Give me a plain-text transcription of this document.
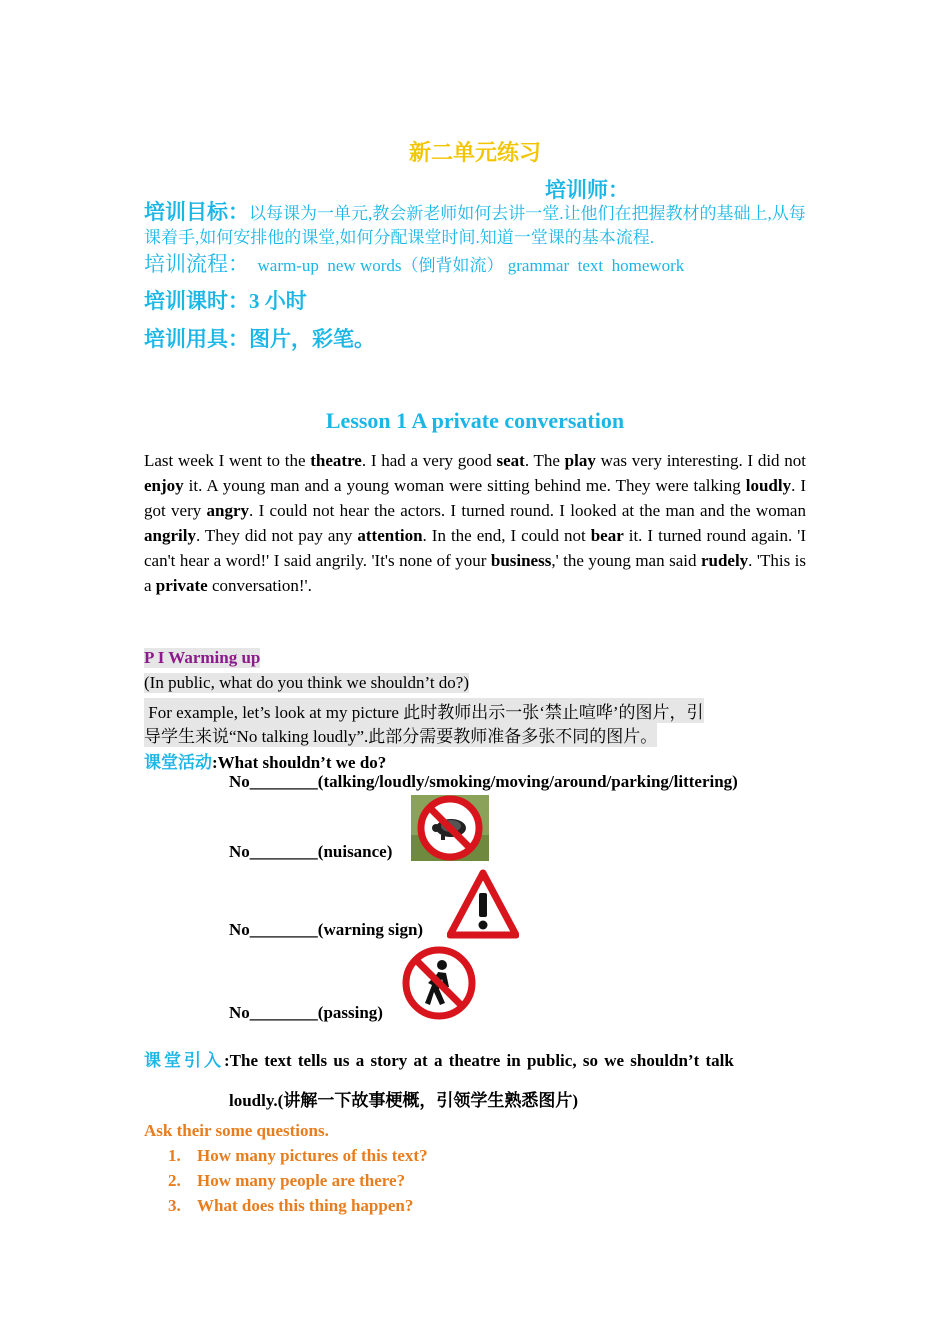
新二单元练习
培训师：
培训目标：以每课为一单元,教会新老师如何去讲一堂.让他们在把握教材的基础上,从每课着手,如何安排他的课堂,如何分配课堂时间.知道一堂课的基本流程.
培训流程：  warm-up  new words（倒背如流） grammar  text  homework
培训课时：3 小时
培训用具：图片，彩笔。
Lesson 1 A private conversation
Last week I went to the theatre. I had a very good seat. The play was very interesting. I did not enjoy it. A young man and a young woman were sitting behind me. They were talking loudly. I got very angry. I could not hear the actors. I turned round. I looked at the man and the woman angrily. They did not pay any attention. In the end, I could not bear it. I turned round again. 'I can't hear a word!' I said angrily. 'It's none of your business,' the young man said rudely. 'This is a private conversation!'.
P I Warming up
(In public, what do you think we shouldn’t do?)
For example, let’s look at my picture 此时教师出示一张‘禁止喧哗’的图片，引
导学生来说“No talking loudly”.此部分需要教师准备多张不同的图片。
课堂活动:What shouldn’t we do?
No________(talking/loudly/smoking/moving/around/parking/littering)
No________(nuisance)
No________(warning sign)
No________(passing)
课堂引入:The text tells us a story at a theatre in public, so we shouldn’t talk
loudly.(讲解一下故事梗概，引领学生熟悉图片)
Ask their some questions.
1. How many pictures of this text?
2. How many people are there?
3. What does this thing happen?
